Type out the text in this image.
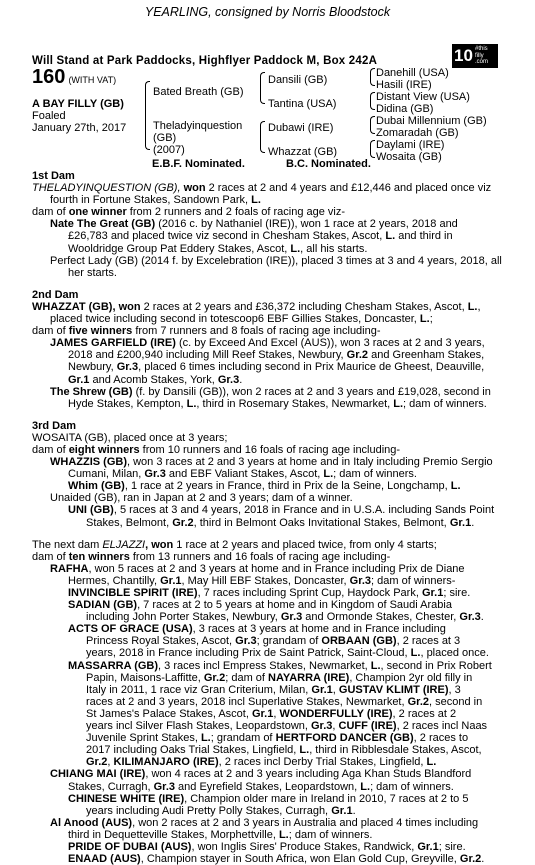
YEARLING, consigned by Norris Bloodstock
Will Stand at Park Paddocks, Highflyer Paddock M, Box 242A	10 #this
filly
.com
160 (WITH VAT)
A BAY FILLY (GB)
Foaled
January 27th, 2017
Bated Breath (GB)
Theladyinquestion
(GB)
(2007)
Dansili (GB)
Tantina (USA)
Dubawi (IRE)
Whazzat (GB)
Danehill (USA)
Hasili (IRE)
Distant View (USA)
Didina (GB)
Dubai Millennium (GB)
Zomaradah (GB)
Daylami (IRE)
Wosaita (GB)
E.B.F. Nominated.	B.C. Nominated.
1st Dam
THELADYINQUESTION (GB), won 2 races at 2 and 4 years and £12,446 and placed once viz
fourth in Fortune Stakes, Sandown Park, L.
dam of one winner from 2 runners and 2 foals of racing age viz-
Nate The Great (GB) (2016 c. by Nathaniel (IRE)), won 1 race at 2 years, 2018 and
£26,783 and placed twice viz second in Chesham Stakes, Ascot, L. and third in
Wooldridge Group Pat Eddery Stakes, Ascot, L., all his starts.
Perfect Lady (GB) (2014 f. by Excelebration (IRE)), placed 3 times at 3 and 4 years, 2018, all
her starts.
2nd Dam
WHAZZAT (GB), won 2 races at 2 years and £36,372 including Chesham Stakes, Ascot, L.,
placed twice including second in totescoop6 EBF Gillies Stakes, Doncaster, L.;
dam of five winners from 7 runners and 8 foals of racing age including-
JAMES GARFIELD (IRE) (c. by Exceed And Excel (AUS)), won 3 races at 2 and 3 years,
2018 and £200,940 including Mill Reef Stakes, Newbury, Gr.2 and Greenham Stakes,
Newbury, Gr.3, placed 6 times including second in Prix Maurice de Gheest, Deauville,
Gr.1 and Acomb Stakes, York, Gr.3.
The Shrew (GB) (f. by Dansili (GB)), won 2 races at 2 and 3 years and £19,028, second in
Hyde Stakes, Kempton, L., third in Rosemary Stakes, Newmarket, L.; dam of winners.
3rd Dam
WOSAITA (GB), placed once at 3 years;
dam of eight winners from 10 runners and 16 foals of racing age including-
WHAZZIS (GB), won 3 races at 2 and 3 years at home and in Italy including Premio Sergio
Cumani, Milan, Gr.3 and EBF Valiant Stakes, Ascot, L.; dam of winners.
Whim (GB), 1 race at 2 years in France, third in Prix de la Seine, Longchamp, L.
Unaided (GB), ran in Japan at 2 and 3 years; dam of a winner.
UNI (GB), 5 races at 3 and 4 years, 2018 in France and in U.S.A. including Sands Point
Stakes, Belmont, Gr.2, third in Belmont Oaks Invitational Stakes, Belmont, Gr.1.
The next dam ELJAZZI, won 1 race at 2 years and placed twice, from only 4 starts;
dam of ten winners from 13 runners and 16 foals of racing age including-
RAFHA, won 5 races at 2 and 3 years at home and in France including Prix de Diane
Hermes, Chantilly, Gr.1, May Hill EBF Stakes, Doncaster, Gr.3; dam of winners-
INVINCIBLE SPIRIT (IRE), 7 races including Sprint Cup, Haydock Park, Gr.1; sire.
SADIAN (GB), 7 races at 2 to 5 years at home and in Kingdom of Saudi Arabia
including John Porter Stakes, Newbury, Gr.3 and Ormonde Stakes, Chester, Gr.3.
ACTS OF GRACE (USA), 3 races at 3 years at home and in France including
Princess Royal Stakes, Ascot, Gr.3; grandam of ORBAAN (GB), 2 races at 3
years, 2018 in France including Prix de Saint Patrick, Saint-Cloud, L., placed once.
MASSARRA (GB), 3 races incl Empress Stakes, Newmarket, L., second in Prix Robert
Papin, Maisons-Laffitte, Gr.2; dam of NAYARRA (IRE), Champion 2yr old filly in
Italy in 2011, 1 race viz Gran Criterium, Milan, Gr.1, GUSTAV KLIMT (IRE), 3
races at 2 and 3 years, 2018 incl Superlative Stakes, Newmarket, Gr.2, second in
St James's Palace Stakes, Ascot, Gr.1, WONDERFULLY (IRE), 2 races at 2
years incl Silver Flash Stakes, Leopardstown, Gr.3, CUFF (IRE), 2 races incl Naas
Juvenile Sprint Stakes, L.; grandam of HERTFORD DANCER (GB), 2 races to
2017 including Oaks Trial Stakes, Lingfield, L., third in Ribblesdale Stakes, Ascot,
Gr.2, KILIMANJARO (IRE), 2 races incl Derby Trial Stakes, Lingfield, L.
CHIANG MAI (IRE), won 4 races at 2 and 3 years including Aga Khan Studs Blandford
Stakes, Curragh, Gr.3 and Eyrefield Stakes, Leopardstown, L.; dam of winners.
CHINESE WHITE (IRE), Champion older mare in Ireland in 2010, 7 races at 2 to 5
years including Audi Pretty Polly Stakes, Curragh, Gr.1.
Al Anood (AUS), won 2 races at 2 and 3 years in Australia and placed 4 times including
third in Dequetteville Stakes, Morphettville, L.; dam of winners.
PRIDE OF DUBAI (AUS), won Inglis Sires' Produce Stakes, Randwick, Gr.1; sire.
ENAAD (AUS), Champion stayer in South Africa, won Elan Gold Cup, Greyville, Gr.2.
